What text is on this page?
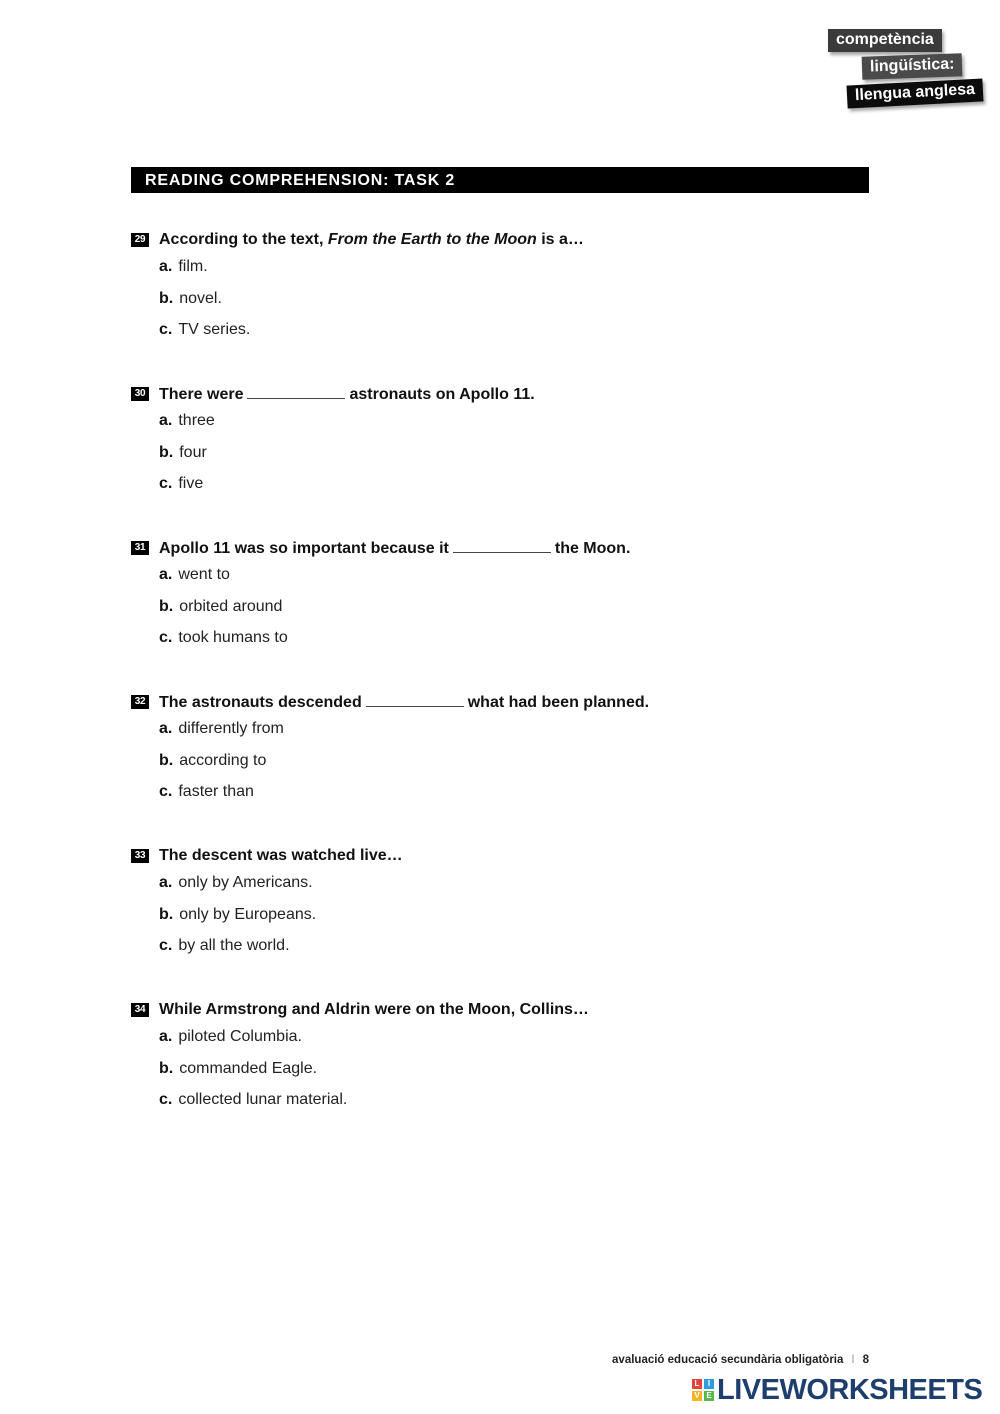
competència
lingüística:
llengua anglesa
READING COMPREHENSION: TASK 2
29 According to the text, From the Earth to the Moon is a…
a. film.
b. novel.
c. TV series.
30 There were	astronauts on Apollo 11.
a. three
b. four
c. five
31 Apollo 11 was so important because it	the Moon.
a. went to
b. orbited around
c. took humans to
32 The astronauts descended	what had been planned.
a. differently from
b. according to
c. faster than
33 The descent was watched live…
a. only by Americans.
b. only by Europeans.
c. by all the world.
34 While Armstrong and Aldrin were on the Moon, Collins…
a. piloted Columbia.
b. commanded Eagle.
c. collected lunar material.
avaluació educació secundària obligatòria I 8
L	I
V E LIVEWORKSHEETS
